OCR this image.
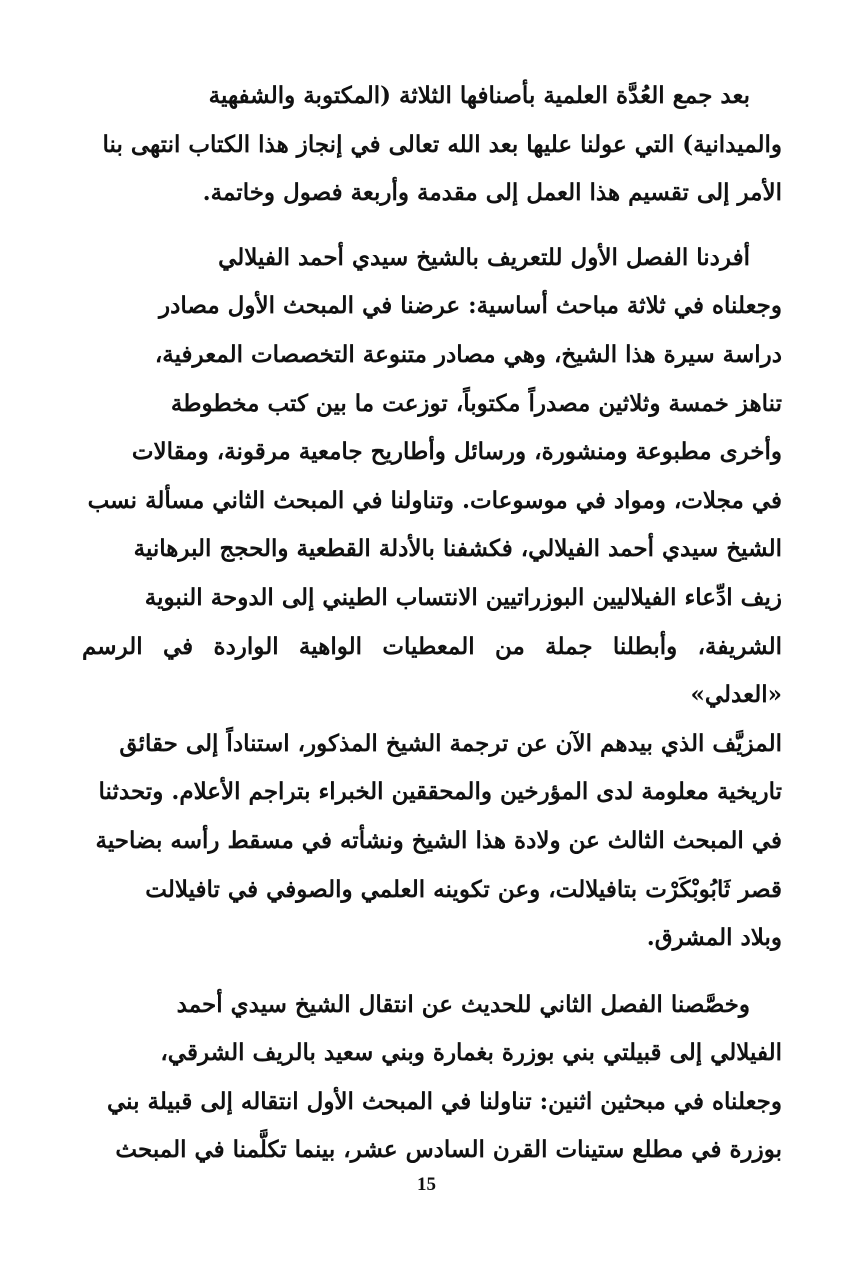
بعد جمع العُدَّة العلمية بأصنافها الثلاثة (المكتوبة والشفهية
والميدانية) التي عولنا عليها بعد الله تعالى في إنجاز هذا الكتاب انتهى بنا
الأمر إلى تقسيم هذا العمل إلى مقدمة وأربعة فصول وخاتمة.

أفردنا الفصل الأول للتعريف بالشيخ سيدي أحمد الفيلالي
وجعلناه في ثلاثة مباحث أساسية: عرضنا في المبحث الأول مصادر
دراسة سيرة هذا الشيخ، وهي مصادر متنوعة التخصصات المعرفية،
تناهز خمسة وثلاثين مصدراً مكتوباً، توزعت ما بين كتب مخطوطة
وأخرى مطبوعة ومنشورة، ورسائل وأطاريح جامعية مرقونة، ومقالات
في مجلات، ومواد في موسوعات. وتناولنا في المبحث الثاني مسألة نسب
الشيخ سيدي أحمد الفيلالي، فكشفنا بالأدلة القطعية والحجج البرهانية
زيف ادِّعاء الفيلاليين البوزراتيين الانتساب الطيني إلى الدوحة النبوية
الشريفة، وأبطلنا جملة من المعطيات الواهية الواردة في الرسم «العدلي»
المزيَّف الذي بيدهم الآن عن ترجمة الشيخ المذكور، استناداً إلى حقائق
تاريخية معلومة لدى المؤرخين والمحققين الخبراء بتراجم الأعلام. وتحدثنا
في المبحث الثالث عن ولادة هذا الشيخ ونشأته في مسقط رأسه بضاحية
قصر ثَابُوبْكَرْت بتافيلالت، وعن تكوينه العلمي والصوفي في تافيلالت
وبلاد المشرق.

وخصَّصنا الفصل الثاني للحديث عن انتقال الشيخ سيدي أحمد
الفيلالي إلى قبيلتي بني بوزرة بغمارة وبني سعيد بالريف الشرقي،
وجعلناه في مبحثين اثنين: تناولنا في المبحث الأول انتقاله إلى قبيلة بني
بوزرة في مطلع ستينات القرن السادس عشر، بينما تكلَّمنا في المبحث

15
